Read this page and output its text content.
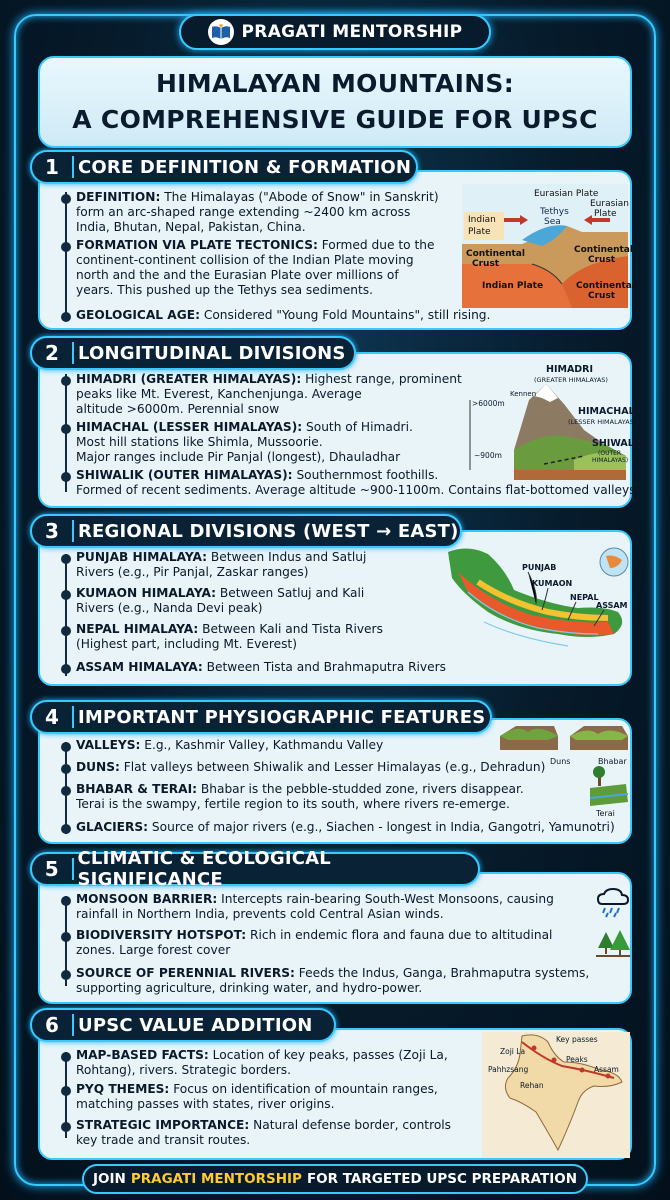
PRAGATI MENTORSHIP
HIMALAYAN MOUNTAINS:
A COMPREHENSIVE GUIDE FOR UPSC
DEFINITION: The Himalayas ("Abode of Snow" in Sanskrit)
form an arc-shaped range extending ~2400 km across
India, Bhutan, Nepal, Pakistan, China.
FORMATION VIA PLATE TECTONICS: Formed due to the
continent-continent collision of the Indian Plate moving
north and the and the Eurasian Plate over millions of
years. This pushed up the Tethys sea sediments.
GEOLOGICAL AGE: Considered "Young Fold Mountains", still rising.
Indian
Plate
Eurasian Plate
Tethys
Sea
Eurasian
Plate
Continental
Crust
Continental
Crust
Indian Plate	Continental
Crust
1	CORE DEFINITION & FORMATION
HIMADRI (GREATER HIMALAYAS): Highest range, prominent
peaks like Mt. Everest, Kanchenjunga. Average
altitude >6000m. Perennial snow
HIMACHAL (LESSER HIMALAYAS): South of Himadri.
Most hill stations like Shimla, Mussoorie.
Major ranges include Pir Panjal (longest), Dhauladhar
SHIWALIK (OUTER HIMALAYAS): Southernmost foothills.
Formed of recent sediments. Average altitude ~900-1100m. Contains flat-bottomed valleys
HIMADRI
(GREATER HIMALAYAS)
Kennen
>6000m
~900m
HIMACHAL
(LESSER HIMALAYAS)
SHIWALIK
(OUTER
HIMALAYAS)
2	LONGITUDINAL DIVISIONS
PUNJAB HIMALAYA: Between Indus and Satluj
Rivers (e.g., Pir Panjal, Zaskar ranges)
KUMAON HIMALAYA: Between Satluj and Kali
Rivers (e.g., Nanda Devi peak)
NEPAL HIMALAYA: Between Kali and Tista Rivers
(Highest part, including Mt. Everest)
ASSAM HIMALAYA: Between Tista and Brahmaputra Rivers
PUNJAB
KUMAON
NEPAL
ASSAM
3	REGIONAL DIVISIONS (WEST → EAST)
VALLEYS: E.g., Kashmir Valley, Kathmandu Valley
DUNS: Flat valleys between Shiwalik and Lesser Himalayas (e.g., Dehradun)
BHABAR & TERAI: Bhabar is the pebble-studded zone, rivers disappear.
Terai is the swampy, fertile region to its south, where rivers re-emerge.
GLACIERS: Source of major rivers (e.g., Siachen - longest in India, Gangotri, Yamunotri)
Duns	Bhabar
Terai
4	IMPORTANT PHYSIOGRAPHIC FEATURES
MONSOON BARRIER: Intercepts rain-bearing South-West Monsoons, causing
rainfall in Northern India, prevents cold Central Asian winds.
BIODIVERSITY HOTSPOT: Rich in endemic flora and fauna due to altitudinal
zones. Large forest cover
SOURCE OF PERENNIAL RIVERS: Feeds the Indus, Ganga, Brahmaputra systems,
supporting agriculture, drinking water, and hydro-power.
5	CLIMATIC & ECOLOGICAL SIGNIFICANCE
MAP-BASED FACTS: Location of key peaks, passes (Zoji La,
Rohtang), rivers. Strategic borders.
PYQ THEMES: Focus on identification of mountain ranges,
matching passes with states, river origins.
STRATEGIC IMPORTANCE: Natural defense border, controls
key trade and transit routes.
Key passes
Zoji La
Peaks
Pahhzsang
Rehan
Assam
6	UPSC VALUE ADDITION
JOIN PRAGATI MENTORSHIP FOR TARGETED UPSC PREPARATION
